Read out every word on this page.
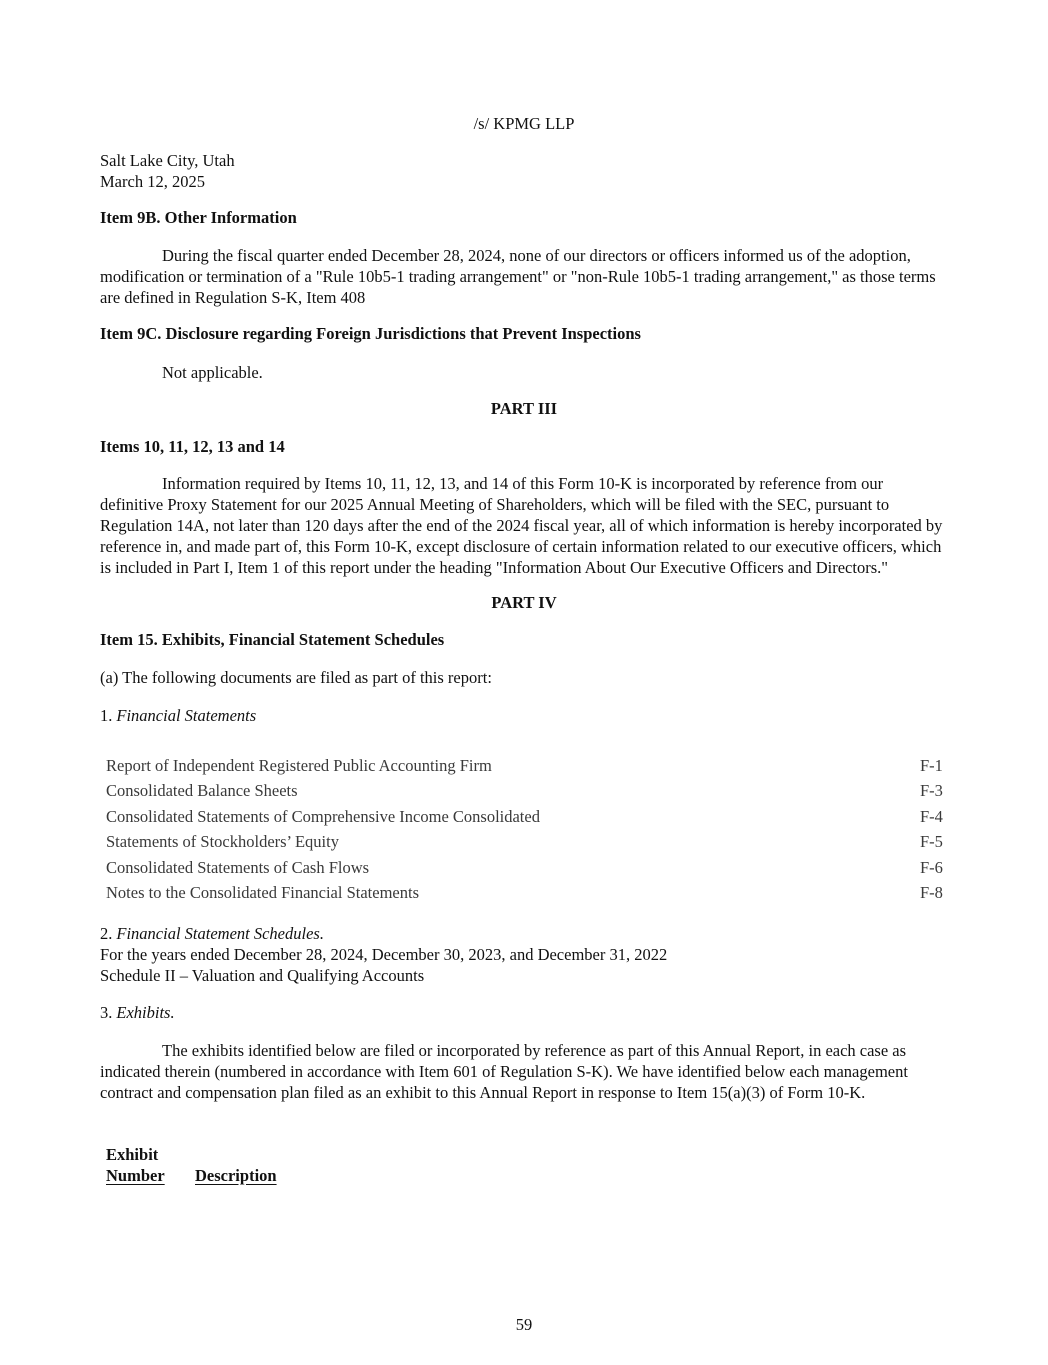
/s/ KPMG LLP
Salt Lake City, Utah
March 12, 2025
Item 9B. Other Information
During the fiscal quarter ended December 28, 2024, none of our directors or officers informed us of the adoption, modification or termination of a "Rule 10b5-1 trading arrangement" or "non-Rule 10b5-1 trading arrangement," as those terms are defined in Regulation S-K, Item 408
Item 9C. Disclosure regarding Foreign Jurisdictions that Prevent Inspections
Not applicable.
PART III
Items 10, 11, 12, 13 and 14
Information required by Items 10, 11, 12, 13, and 14 of this Form 10-K is incorporated by reference from our definitive Proxy Statement for our 2025 Annual Meeting of Shareholders, which will be filed with the SEC, pursuant to Regulation 14A, not later than 120 days after the end of the 2024 fiscal year, all of which information is hereby incorporated by reference in, and made part of, this Form 10-K, except disclosure of certain information related to our executive officers, which is included in Part I, Item 1 of this report under the heading "Information About Our Executive Officers and Directors."
PART IV
Item 15. Exhibits, Financial Statement Schedules
(a) The following documents are filed as part of this report:
1. Financial Statements
Report of Independent Registered Public Accounting Firm	F-1
Consolidated Balance Sheets	F-3
Consolidated Statements of Comprehensive Income Consolidated	F-4
Statements of Stockholders’ Equity	F-5
Consolidated Statements of Cash Flows	F-6
Notes to the Consolidated Financial Statements	F-8
2. Financial Statement Schedules.
For the years ended December 28, 2024, December 30, 2023, and December 31, 2022
Schedule II – Valuation and Qualifying Accounts
3. Exhibits.
The exhibits identified below are filed or incorporated by reference as part of this Annual Report, in each case as indicated therein (numbered in accordance with Item 601 of Regulation S-K). We have identified below each management contract and compensation plan filed as an exhibit to this Annual Report in response to Item 15(a)(3) of Form 10-K.
Exhibit
Number	Description
59
